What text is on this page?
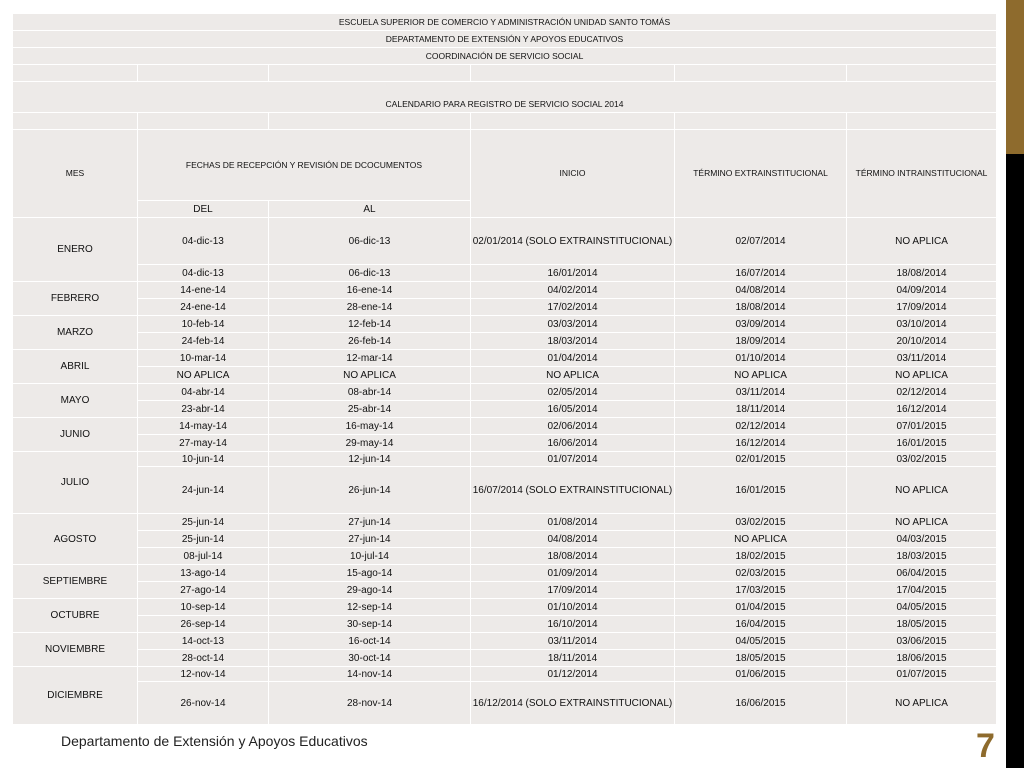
ESCUELA SUPERIOR DE COMERCIO Y ADMINISTRACIÓN UNIDAD SANTO TOMÁS					
DEPARTAMENTO DE EXTENSIÓN Y APOYOS EDUCATIVOS					
COORDINACIÓN DE SERVICIO SOCIAL					

CALENDARIO PARA REGISTRO DE SERVICIO SOCIAL 2014					

MES	FECHAS DE RECEPCIÓN Y REVISIÓN DE DCOCUMENTOS		INICIO	TÉRMINO EXTRAINSTITUCIONAL	TÉRMINO INTRAINSTITUCIONAL
	DEL	AL			
ENERO	04-dic-13	06-dic-13	02/01/2014 (SOLO EXTRAINSTITUCIONAL)	02/07/2014	NO APLICA
	04-dic-13	06-dic-13	16/01/2014	16/07/2014	18/08/2014
FEBRERO	14-ene-14	16-ene-14	04/02/2014	04/08/2014	04/09/2014
	24-ene-14	28-ene-14	17/02/2014	18/08/2014	17/09/2014
MARZO	10-feb-14	12-feb-14	03/03/2014	03/09/2014	03/10/2014
	24-feb-14	26-feb-14	18/03/2014	18/09/2014	20/10/2014
ABRIL	10-mar-14	12-mar-14	01/04/2014	01/10/2014	03/11/2014
	NO APLICA	NO APLICA	NO APLICA	NO APLICA	NO APLICA
MAYO	04-abr-14	08-abr-14	02/05/2014	03/11/2014	02/12/2014
	23-abr-14	25-abr-14	16/05/2014	18/11/2014	16/12/2014
JUNIO	14-may-14	16-may-14	02/06/2014	02/12/2014	07/01/2015
	27-may-14	29-may-14	16/06/2014	16/12/2014	16/01/2015
JULIO	10-jun-14	12-jun-14	01/07/2014	02/01/2015	03/02/2015
	24-jun-14	26-jun-14	16/07/2014 (SOLO EXTRAINSTITUCIONAL)	16/01/2015	NO APLICA
AGOSTO	25-jun-14	27-jun-14	01/08/2014	03/02/2015	NO APLICA
	25-jun-14	27-jun-14	04/08/2014	NO APLICA	04/03/2015
	08-jul-14	10-jul-14	18/08/2014	18/02/2015	18/03/2015
SEPTIEMBRE	13-ago-14	15-ago-14	01/09/2014	02/03/2015	06/04/2015
	27-ago-14	29-ago-14	17/09/2014	17/03/2015	17/04/2015
OCTUBRE	10-sep-14	12-sep-14	01/10/2014	01/04/2015	04/05/2015
	26-sep-14	30-sep-14	16/10/2014	16/04/2015	18/05/2015
NOVIEMBRE	14-oct-13	16-oct-14	03/11/2014	04/05/2015	03/06/2015
	28-oct-14	30-oct-14	18/11/2014	18/05/2015	18/06/2015
DICIEMBRE	12-nov-14	14-nov-14	01/12/2014	01/06/2015	01/07/2015
	26-nov-14	28-nov-14	16/12/2014 (SOLO EXTRAINSTITUCIONAL)	16/06/2015	NO APLICA
Departamento de Extensión y Apoyos Educativos	7
